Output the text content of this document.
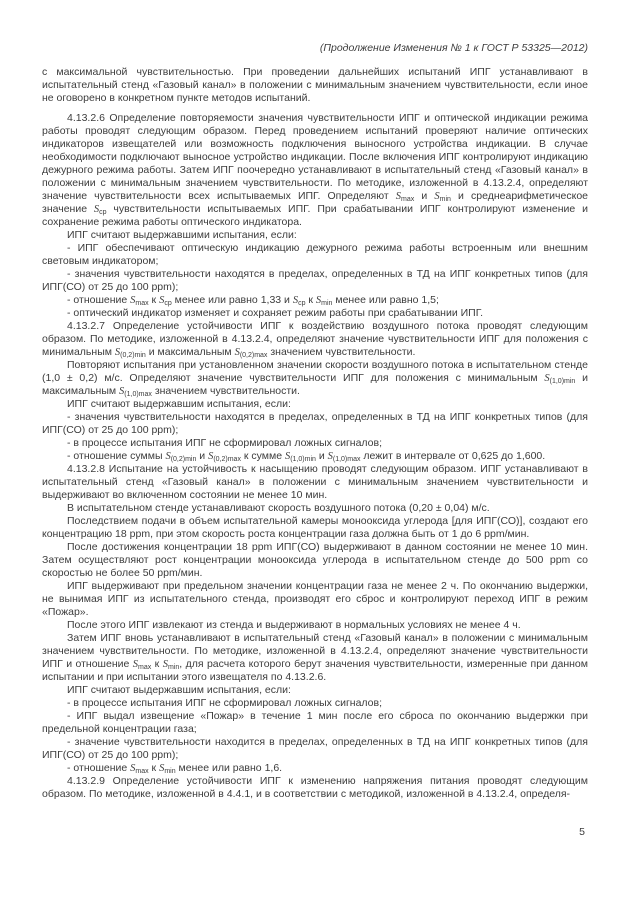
(Продолжение Изменения № 1 к ГОСТ Р 53325—2012)

с максимальной чувствительностью. При проведении дальнейших испытаний ИПГ устанавливают в испытательный стенд «Газовый канал» в положении с минимальным значением чувствительности, если иное не оговорено в конкретном пункте методов испытаний.

4.13.2.6 Определение повторяемости значения чувствительности ИПГ и оптической индикации режима работы проводят следующим образом. Перед проведением испытаний проверяют наличие оптических индикаторов извещателей или возможность подключения выносного устройства индикации. В случае необходимости подключают выносное устройство индикации. После включения ИПГ контролируют индикацию дежурного режима работы. Затем ИПГ поочередно устанавливают в испытательный стенд «Газовый канал» в положении с минимальным значением чувствительности. По методике, изложенной в 4.13.2.4, определяют значение чувствительности всех испытываемых ИПГ. Определяют $S_{max}$ и $S_{min}$ и среднеарифметическое значение $S_{ср}$ чувствительности испытываемых ИПГ. При срабатывании ИПГ контролируют изменение и сохранение режима работы оптического индикатора.

ИПГ считают выдержавшими испытания, если:

- ИПГ обеспечивают оптическую индикацию дежурного режима работы встроенным или внешним световым индикатором;

- значения чувствительности находятся в пределах, определенных в ТД на ИПГ конкретных типов (для ИПГ(СО) от 25 до 100 ppm);

- отношение $S_{max}$ к $S_{ср}$ менее или равно 1,33 и $S_{ср}$ к $S_{min}$ менее или равно 1,5;

- оптический индикатор изменяет и сохраняет режим работы при срабатывании ИПГ.

4.13.2.7 Определение устойчивости ИПГ к воздействию воздушного потока проводят следующим образом. По методике, изложенной в 4.13.2.4, определяют значение чувствительности ИПГ для положения с минимальным $S_{(0,2)min}$ и максимальным $S_{(0,2)max}$ значением чувствительности.

Повторяют испытания при установленном значении скорости воздушного потока в испытательном стенде (1,0 ± 0,2) м/с. Определяют значение чувствительности ИПГ для положения с минимальным $S_{(1,0)min}$ и максимальным $S_{(1,0)max}$ значением чувствительности.

ИПГ считают выдержавшим испытания, если:

- значения чувствительности находятся в пределах, определенных в ТД на ИПГ конкретных типов (для ИПГ(СО) от 25 до 100 ppm);

- в процессе испытания ИПГ не сформировал ложных сигналов;

- отношение суммы $S_{(0,2)min}$ и $S_{(0,2)max}$ к сумме $S_{(1,0)min}$ и $S_{(1,0)max}$ лежит в интервале от 0,625 до 1,600.

4.13.2.8 Испытание на устойчивость к насыщению проводят следующим образом. ИПГ устанавливают в испытательный стенд «Газовый канал» в положении с минимальным значением чувствительности и выдерживают во включенном состоянии не менее 10 мин.

В испытательном стенде устанавливают скорость воздушного потока (0,20 ± 0,04) м/с.

Последствием подачи в объем испытательной камеры монооксида углерода [для ИПГ(СО)], создают его концентрацию 18 ppm, при этом скорость роста концентрации газа должна быть от 1 до 6 ppm/мин.

После достижения концентрации 18 ppm ИПГ(СО) выдерживают в данном состоянии не менее 10 мин. Затем осуществляют рост концентрации монооксида углерода в испытательном стенде до 500 ppm со скоростью не более 50 ppm/мин.

ИПГ выдерживают при предельном значении концентрации газа не менее 2 ч. По окончанию выдержки, не вынимая ИПГ из испытательного стенда, производят его сброс и контролируют переход ИПГ в режим «Пожар».

После этого ИПГ извлекают из стенда и выдерживают в нормальных условиях не менее 4 ч.

Затем ИПГ вновь устанавливают в испытательный стенд «Газовый канал» в положении с минимальным значением чувствительности. По методике, изложенной в 4.13.2.4, определяют значение чувствительности ИПГ и отношение $S_{max}$ к $S_{min}$, для расчета которого берут значения чувствительности, измеренные при данном испытании и при испытании этого извещателя по 4.13.2.6.

ИПГ считают выдержавшим испытания, если:

- в процессе испытания ИПГ не сформировал ложных сигналов;

- ИПГ выдал извещение «Пожар» в течение 1 мин после его сброса по окончанию выдержки при предельной концентрации газа;

- значение чувствительности находится в пределах, определенных в ТД на ИПГ конкретных типов (для ИПГ(СО) от 25 до 100 ppm);

- отношение $S_{max}$ к $S_{min}$ менее или равно 1,6.

4.13.2.9 Определение устойчивости ИПГ к изменению напряжения питания проводят следующим образом. По методике, изложенной в 4.4.1, и в соответствии с методикой, изложенной в 4.13.2.4, определя-

5
